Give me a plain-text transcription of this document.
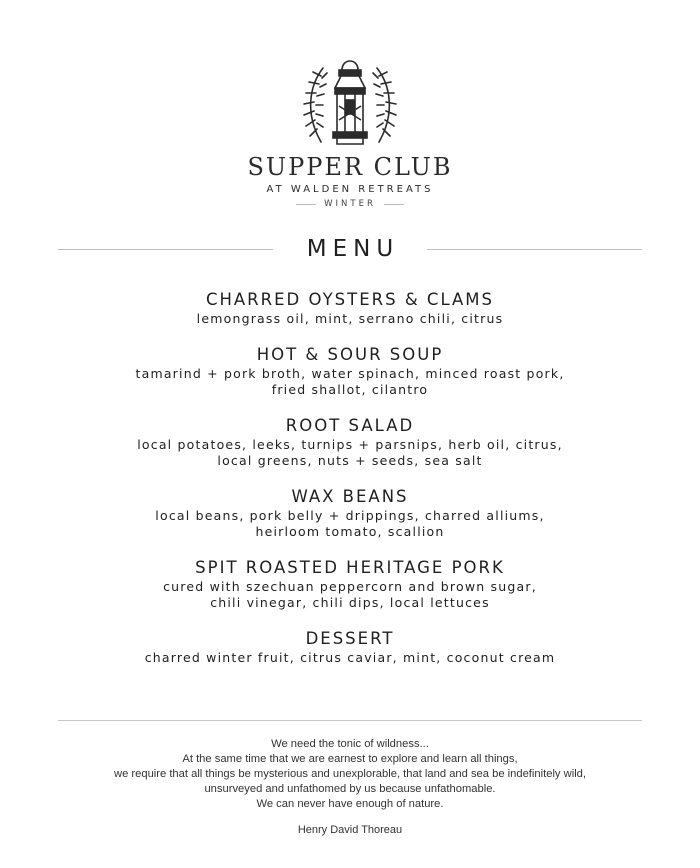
SUPPER CLUB
AT WALDEN RETREATS
WINTER
MENU
CHARRED OYSTERS & CLAMS
lemongrass oil, mint, serrano chili, citrus
HOT & SOUR SOUP
tamarind + pork broth, water spinach, minced roast pork,
fried shallot, cilantro
ROOT SALAD
local potatoes, leeks, turnips + parsnips, herb oil, citrus,
local greens, nuts + seeds, sea salt
WAX BEANS
local beans, pork belly + drippings, charred alliums,
heirloom tomato, scallion
SPIT ROASTED HERITAGE PORK
cured with szechuan peppercorn and brown sugar,
chili vinegar, chili dips, local lettuces
DESSERT
charred winter fruit, citrus caviar, mint, coconut cream
We need the tonic of wildness...
At the same time that we are earnest to explore and learn all things,
we require that all things be mysterious and unexplorable, that land and sea be indefinitely wild,
unsurveyed and unfathomed by us because unfathomable.
We can never have enough of nature.
Henry David Thoreau
